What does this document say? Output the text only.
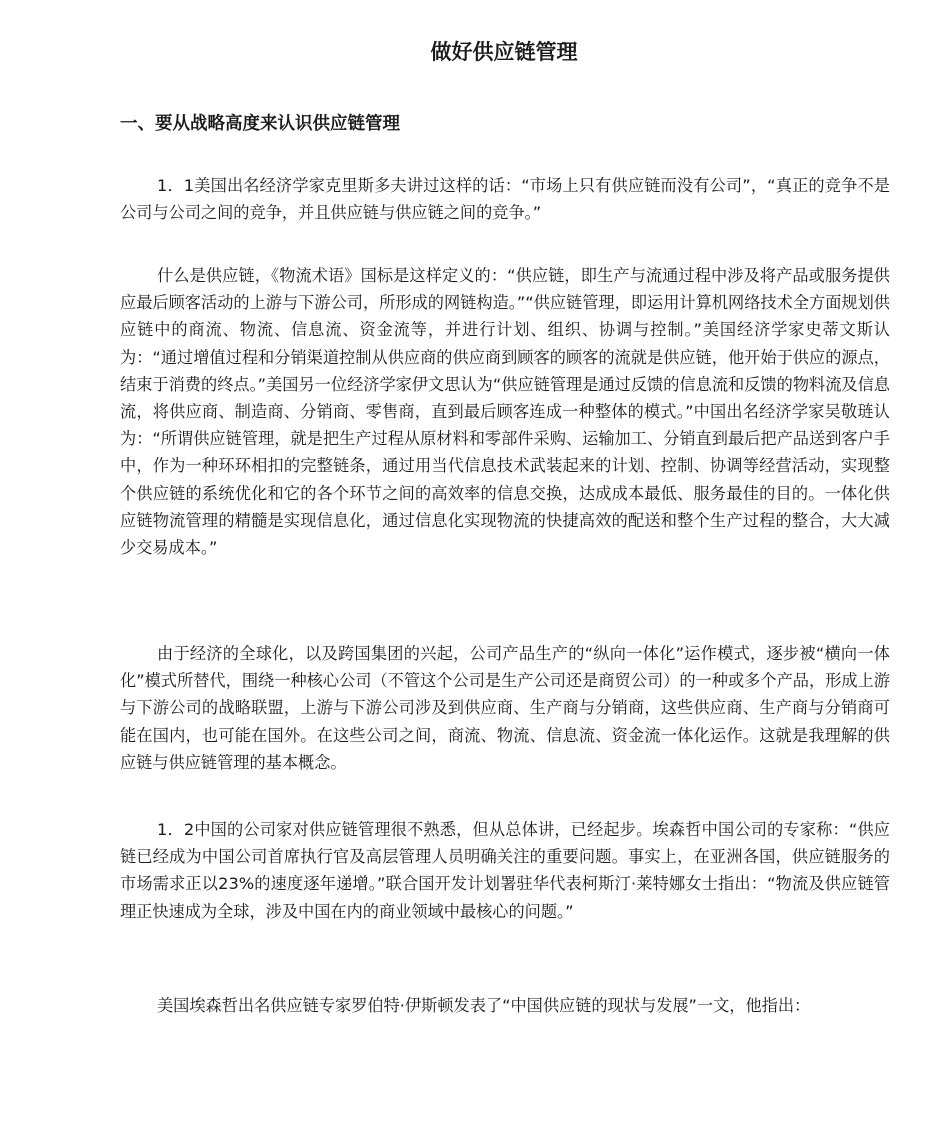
做好供应链管理
一、要从战略高度来认识供应链管理

1．1美国出名经济学家克里斯多夫讲过这样的话：“市场上只有供应链而没有公司”，“真正的竞争不是公司与公司之间的竞争，并且供应链与供应链之间的竞争。”

什么是供应链，《物流术语》国标是这样定义的：“供应链，即生产与流通过程中涉及将产品或服务提供应最后顾客活动的上游与下游公司，所形成的网链构造。”“供应链管理，即运用计算机网络技术全方面规划供应链中的商流、物流、信息流、资金流等，并进行计划、组织、协调与控制。”美国经济学家史蒂文斯认为：“通过增值过程和分销渠道控制从供应商的供应商到顾客的顾客的流就是供应链，他开始于供应的源点，结束于消费的终点。”美国另一位经济学家伊文思认为“供应链管理是通过反馈的信息流和反馈的物料流及信息流，将供应商、制造商、分销商、零售商，直到最后顾客连成一种整体的模式。”中国出名经济学家吴敬琏认为：“所谓供应链管理，就是把生产过程从原材料和零部件采购、运输加工、分销直到最后把产品送到客户手中，作为一种环环相扣的完整链条，通过用当代信息技术武装起来的计划、控制、协调等经营活动，实现整个供应链的系统优化和它的各个环节之间的高效率的信息交换，达成成本最低、服务最佳的目的。一体化供应链物流管理的精髓是实现信息化，通过信息化实现物流的快捷高效的配送和整个生产过程的整合，大大减少交易成本。”

由于经济的全球化，以及跨国集团的兴起，公司产品生产的“纵向一体化”运作模式，逐步被“横向一体化”模式所替代，围绕一种核心公司（不管这个公司是生产公司还是商贸公司）的一种或多个产品，形成上游与下游公司的战略联盟，上游与下游公司涉及到供应商、生产商与分销商，这些供应商、生产商与分销商可能在国内，也可能在国外。在这些公司之间，商流、物流、信息流、资金流一体化运作。这就是我理解的供应链与供应链管理的基本概念。

1．2中国的公司家对供应链管理很不熟悉，但从总体讲，已经起步。埃森哲中国公司的专家称：“供应链已经成为中国公司首席执行官及高层管理人员明确关注的重要问题。事实上，在亚洲各国，供应链服务的市场需求正以23%的速度逐年递增。”联合国开发计划署驻华代表柯斯汀·莱特娜女士指出：“物流及供应链管理正快速成为全球，涉及中国在内的商业领域中最核心的问题。”

美国埃森哲出名供应链专家罗伯特·伊斯顿发表了“中国供应链的现状与发展”一文，他指出：
